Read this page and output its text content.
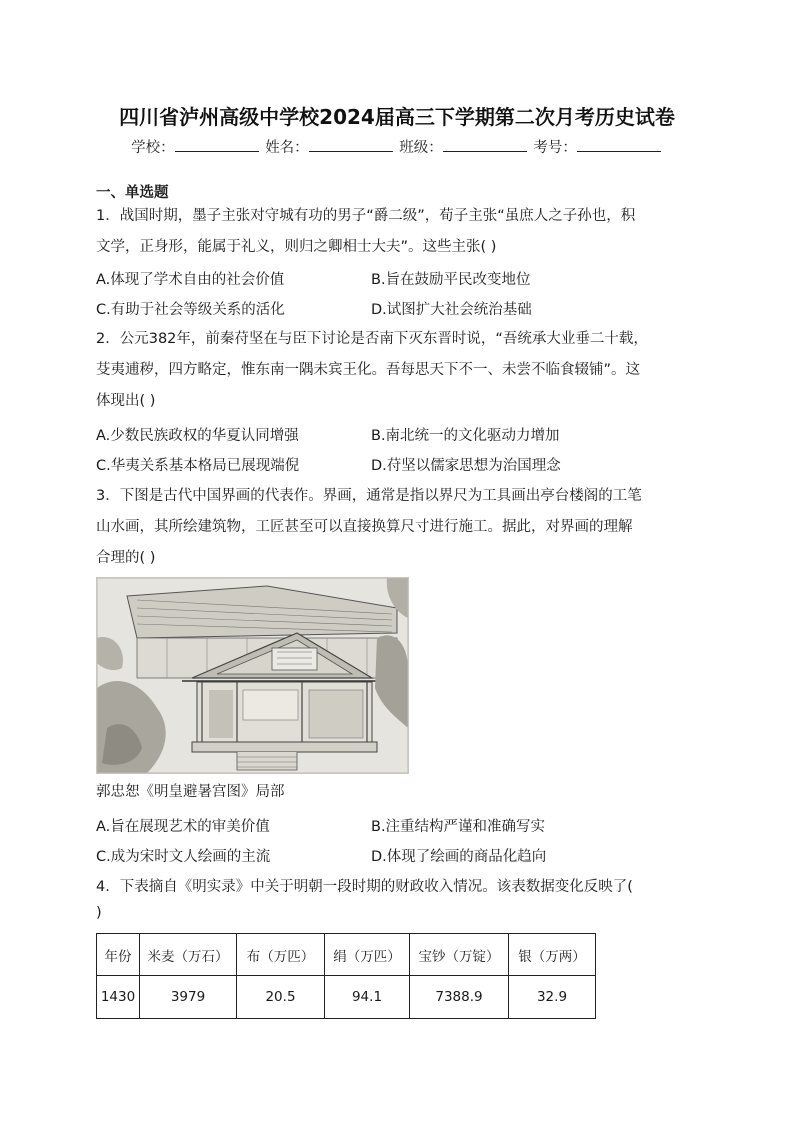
四川省泸州高级中学校2024届高三下学期第二次月考历史试卷
学校：	姓名：	班级：	考号：
一、单选题
1．战国时期，墨子主张对守城有功的男子“爵二级”，荀子主张“虽庶人之子孙也，积
文学，正身形，能属于礼义，则归之卿相士大夫”。这些主张( )
A.体现了学术自由的社会价值	B.旨在鼓励平民改变地位
C.有助于社会等级关系的活化	D.试图扩大社会统治基础
2．公元382年，前秦苻坚在与臣下讨论是否南下灭东晋时说，“吾统承大业垂二十载，
芟夷逋秽，四方略定，惟东南一隅未宾王化。吾每思天下不一、未尝不临食辍铺”。这
体现出( )
A.少数民族政权的华夏认同增强	B.南北统一的文化驱动力增加
C.华夷关系基本格局已展现端倪	D.苻坚以儒家思想为治国理念
3．下图是古代中国界画的代表作。界画，通常是指以界尺为工具画出亭台楼阁的工笔
山水画，其所绘建筑物，工匠甚至可以直接换算尺寸进行施工。据此，对界画的理解
合理的( )
郭忠恕《明皇避暑宫图》局部
A.旨在展现艺术的审美价值	B.注重结构严谨和准确写实
C.成为宋时文人绘画的主流	D.体现了绘画的商品化趋向
4．下表摘自《明实录》中关于明朝一段时期的财政收入情况。该表数据变化反映了(
)
年份	米麦（万石）	布（万匹）	绢（万匹）	宝钞（万锭）	银（万两）
1430	3979	20.5	94.1	7388.9	32.9
